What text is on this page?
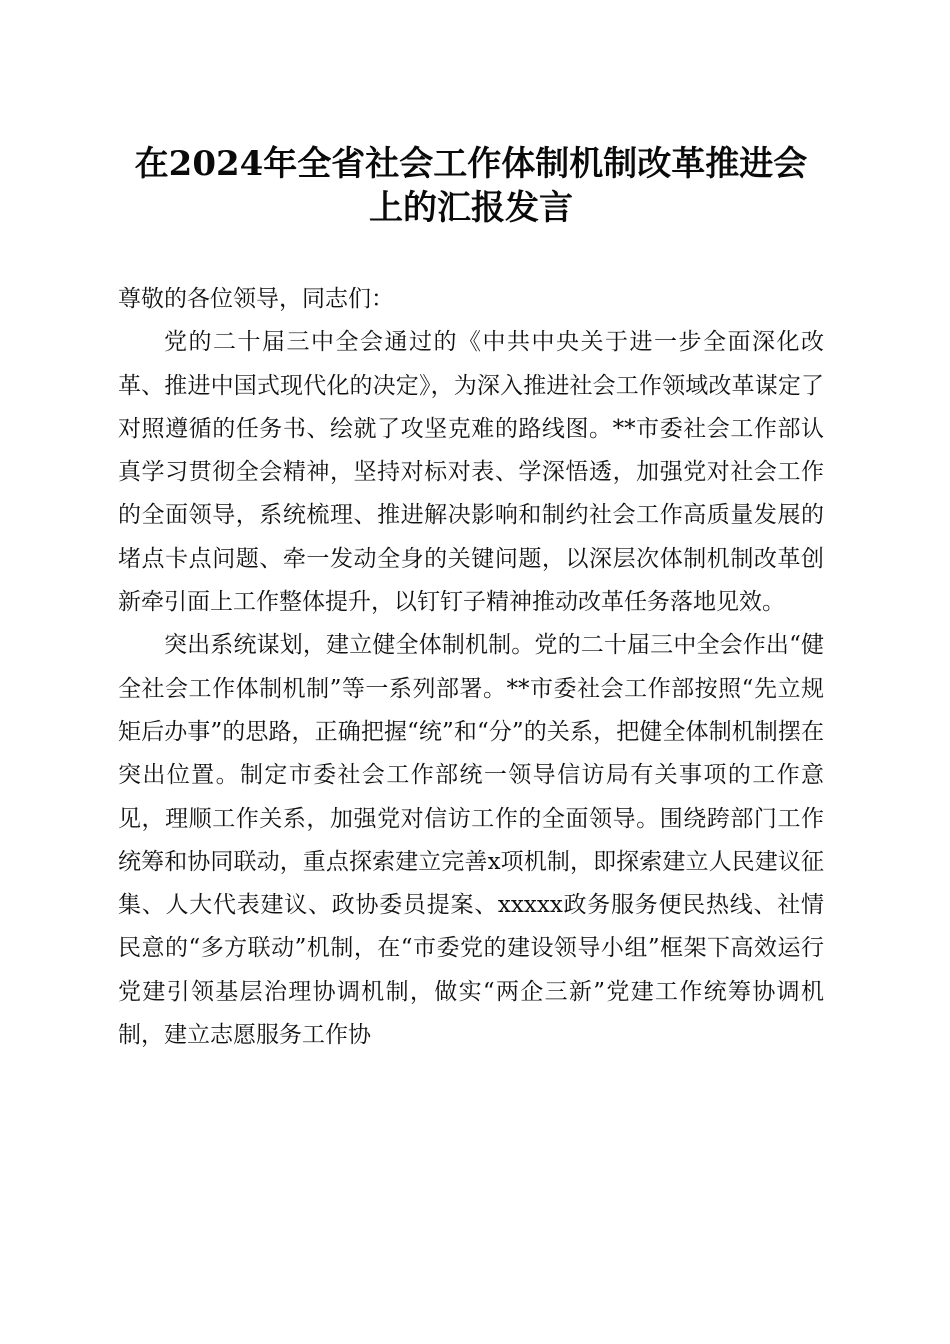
在2024年全省社会工作体制机制改革推进会上的汇报发言

尊敬的各位领导，同志们：

党的二十届三中全会通过的《中共中央关于进一步全面深化改革、推进中国式现代化的决定》，为深入推进社会工作领域改革谋定了对照遵循的任务书、绘就了攻坚克难的路线图。**市委社会工作部认真学习贯彻全会精神，坚持对标对表、学深悟透，加强党对社会工作的全面领导，系统梳理、推进解决影响和制约社会工作高质量发展的堵点卡点问题、牵一发动全身的关键问题，以深层次体制机制改革创新牵引面上工作整体提升，以钉钉子精神推动改革任务落地见效。

突出系统谋划，建立健全体制机制。党的二十届三中全会作出“健全社会工作体制机制”等一系列部署。**市委社会工作部按照“先立规矩后办事”的思路，正确把握“统”和“分”的关系，把健全体制机制摆在突出位置。制定市委社会工作部统一领导信访局有关事项的工作意见，理顺工作关系，加强党对信访工作的全面领导。围绕跨部门工作统筹和协同联动，重点探索建立完善x项机制，即探索建立人民建议征集、人大代表建议、政协委员提案、xxxxx政务服务便民热线、社情民意的“多方联动”机制，在“市委党的建设领导小组”框架下高效运行党建引领基层治理协调机制，做实“两企三新”党建工作统筹协调机制，建立志愿服务工作协
